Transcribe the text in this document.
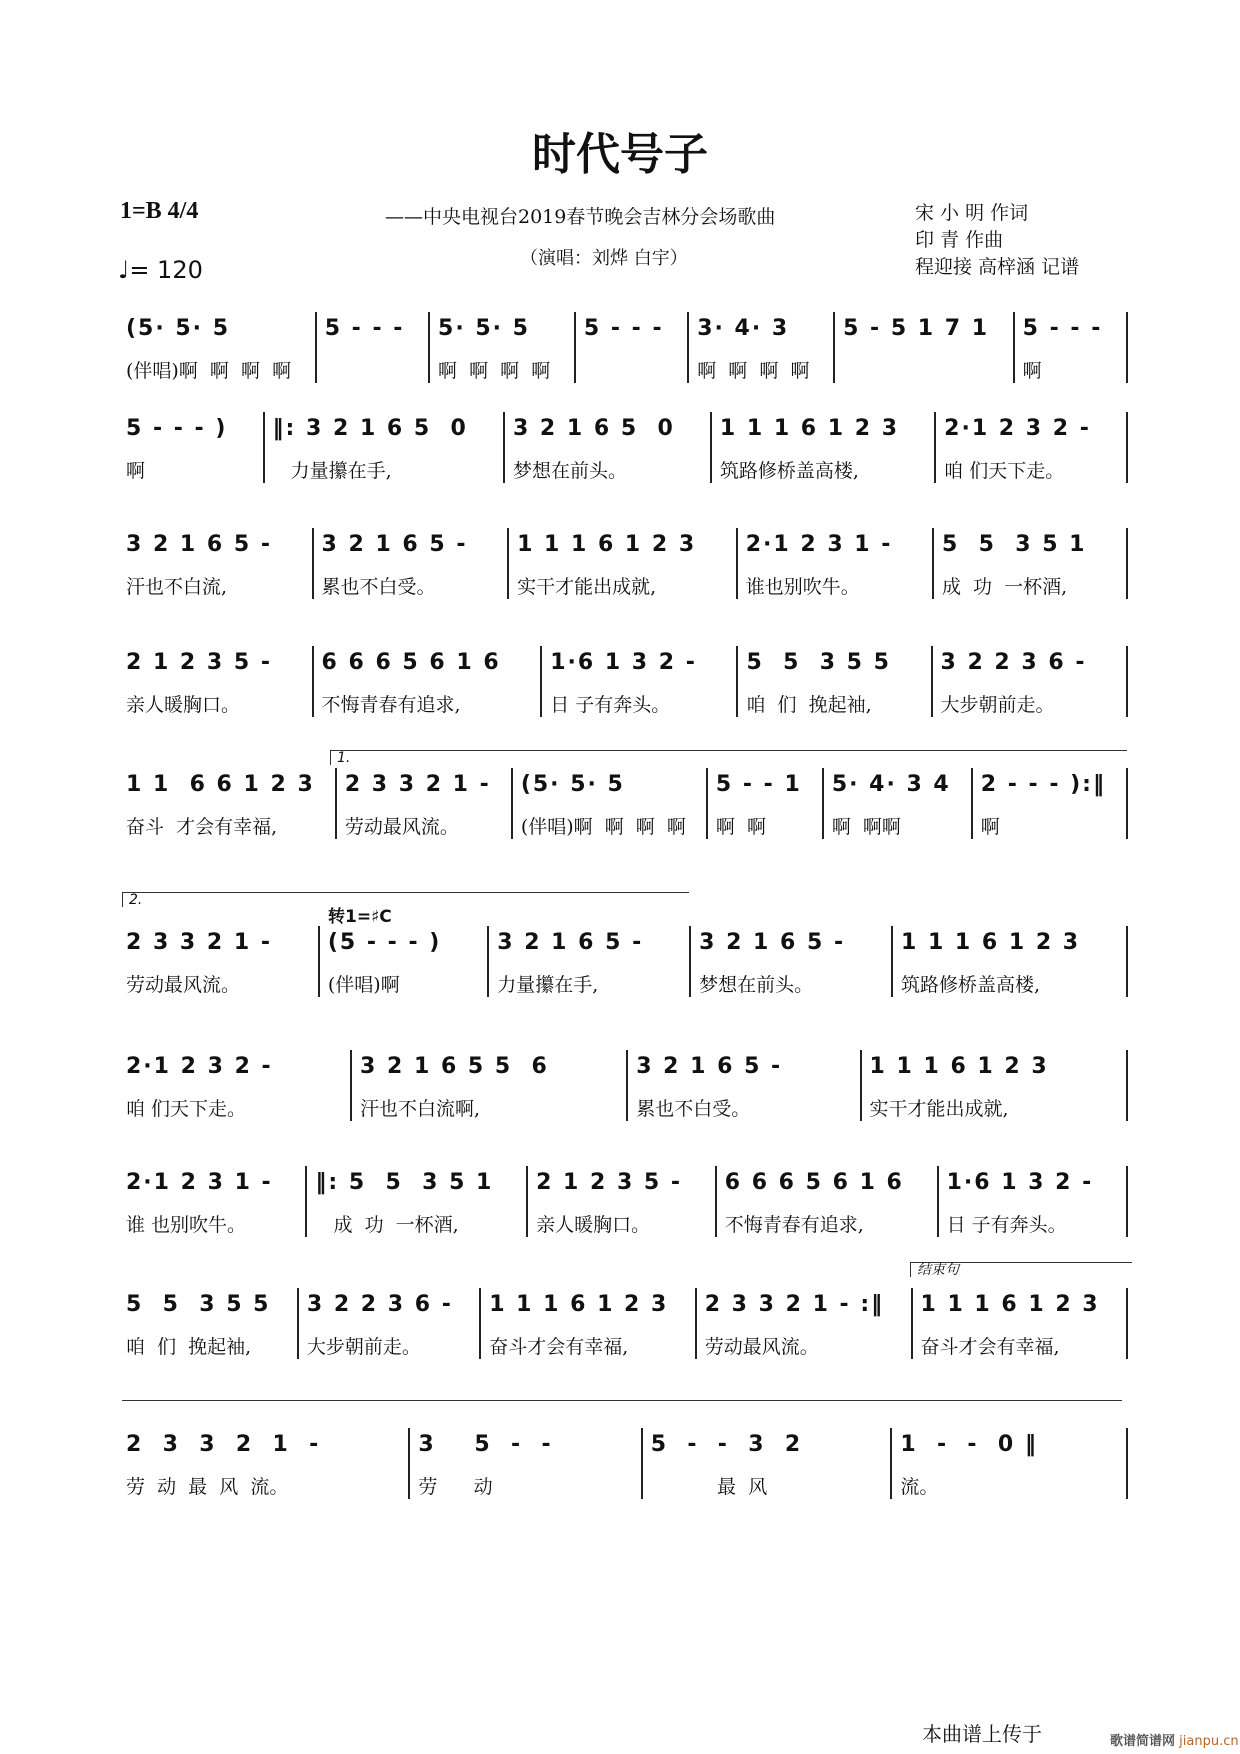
时代号子
1=B 4/4
♩= 120
——中央电视台2019春节晚会吉林分会场歌曲
（演唱：刘烨 白宇）
宋 小 明 作词
印 青 作曲
程迎接 高梓涵 记谱
(5· 5· 5
(伴唱)啊  啊  啊  啊
5 - - -	5· 5· 5
啊  啊  啊  啊
5 - - -	3· 4· 3
啊  啊  啊  啊
5 - 5 1 7 1	5 - - -
啊
5 - - - )
啊
‖: 3 2 1 6 5  0
力量攥在手,
3 2 1 6 5  0
梦想在前头。
1 1 1 6 1 2 3
筑路修桥盖高楼,
2·1 2 3 2 -
咱 们天下走。
3 2 1 6 5 -
汗也不白流,
3 2 1 6 5 -
累也不白受。
1 1 1 6 1 2 3
实干才能出成就,
2·1 2 3 1 -
谁也别吹牛。
5  5  3 5 1
成  功  一杯酒,
2 1 2 3 5 -
亲人暖胸口。
6 6 6 5 6 1 6
不悔青春有追求,
1·6 1 3 2 -
日 子有奔头。
5  5  3 5 5
咱  们  挽起袖,
3 2 2 3 6 -
大步朝前走。
1 1  6 6 1 2 3
奋斗  才会有幸福,
2 3 3 2 1 -
劳动最风流。
(5· 5· 5
(伴唱)啊  啊  啊  啊
5 - - 1
啊  啊
5· 4· 3 4
啊  啊啊
2 - - - ):‖
啊
2 3 3 2 1 -
劳动最风流。
(5 - - - )
(伴唱)啊
3 2 1 6 5 -
力量攥在手,
3 2 1 6 5 -
梦想在前头。
1 1 1 6 1 2 3
筑路修桥盖高楼,
2·1 2 3 2 -
咱 们天下走。
3 2 1 6 5 5  6
汗也不白流啊,
3 2 1 6 5 -
累也不白受。
1 1 1 6 1 2 3
实干才能出成就,
2·1 2 3 1 -
谁 也别吹牛。
‖: 5  5  3 5 1
成  功  一杯酒,
2 1 2 3 5 -
亲人暖胸口。
6 6 6 5 6 1 6
不悔青春有追求,
1·6 1 3 2 -
日 子有奔头。
5  5  3 5 5
咱  们  挽起袖,
3 2 2 3 6 -
大步朝前走。
1 1 1 6 1 2 3
奋斗才会有幸福,
2 3 3 2 1 - :‖
劳动最风流。
1 1 1 6 1 2 3
奋斗才会有幸福,
2  3  3  2  1  -
劳  动  最  风  流。
3    5  -  -
劳      动
5  -  -  3  2
最  风
1  -  -  0 ‖
流。
1.
2.
转1=♯C
结束句
本曲谱上传于	歌谱简谱网 jianpu.cn
